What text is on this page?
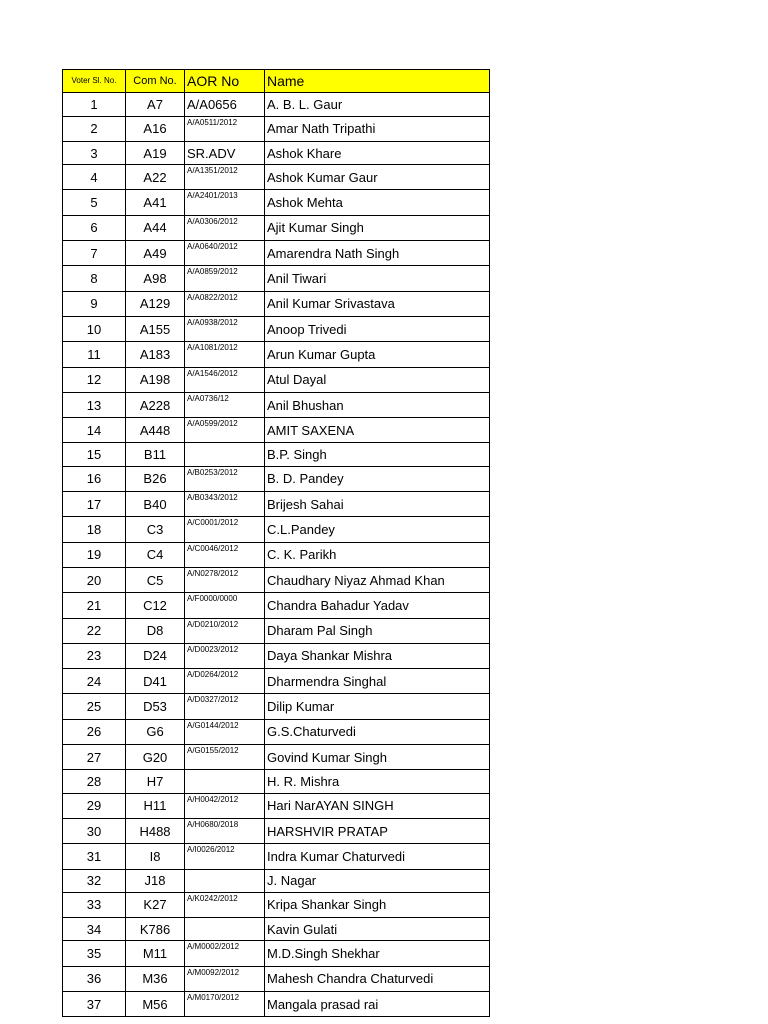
Voter Sl. No.	Com No.	AOR No	Name
1	A7	A/A0656	A. B. L. Gaur
2	A16	A/A0511/2012	Amar Nath Tripathi
3	A19	SR.ADV	Ashok Khare
4	A22	A/A1351/2012	Ashok Kumar Gaur
5	A41	A/A2401/2013	Ashok Mehta
6	A44	A/A0306/2012	Ajit Kumar Singh
7	A49	A/A0640/2012	Amarendra Nath Singh
8	A98	A/A0859/2012	Anil Tiwari
9	A129	A/A0822/2012	Anil Kumar Srivastava
10	A155	A/A0938/2012	Anoop Trivedi
11	A183	A/A1081/2012	Arun Kumar Gupta
12	A198	A/A1546/2012	Atul Dayal
13	A228	A/A0736/12	Anil Bhushan
14	A448	A/A0599/2012	AMIT SAXENA
15	B11		B.P. Singh
16	B26	A/B0253/2012	B. D. Pandey
17	B40	A/B0343/2012	Brijesh Sahai
18	C3	A/C0001/2012	C.L.Pandey
19	C4	A/C0046/2012	C. K. Parikh
20	C5	A/N0278/2012	Chaudhary Niyaz Ahmad Khan
21	C12	A/F0000/0000	Chandra Bahadur Yadav
22	D8	A/D0210/2012	Dharam Pal Singh
23	D24	A/D0023/2012	Daya Shankar Mishra
24	D41	A/D0264/2012	Dharmendra Singhal
25	D53	A/D0327/2012	Dilip Kumar
26	G6	A/G0144/2012	G.S.Chaturvedi
27	G20	A/G0155/2012	Govind Kumar Singh
28	H7		H. R. Mishra
29	H11	A/H0042/2012	Hari NarAYAN SINGH
30	H488	A/H0680/2018	HARSHVIR PRATAP
31	I8	A/I0026/2012	Indra Kumar Chaturvedi
32	J18		J. Nagar
33	K27	A/K0242/2012	Kripa Shankar Singh
34	K786		Kavin Gulati
35	M11	A/M0002/2012	M.D.Singh Shekhar
36	M36	A/M0092/2012	Mahesh Chandra Chaturvedi
37	M56	A/M0170/2012	Mangala prasad rai
